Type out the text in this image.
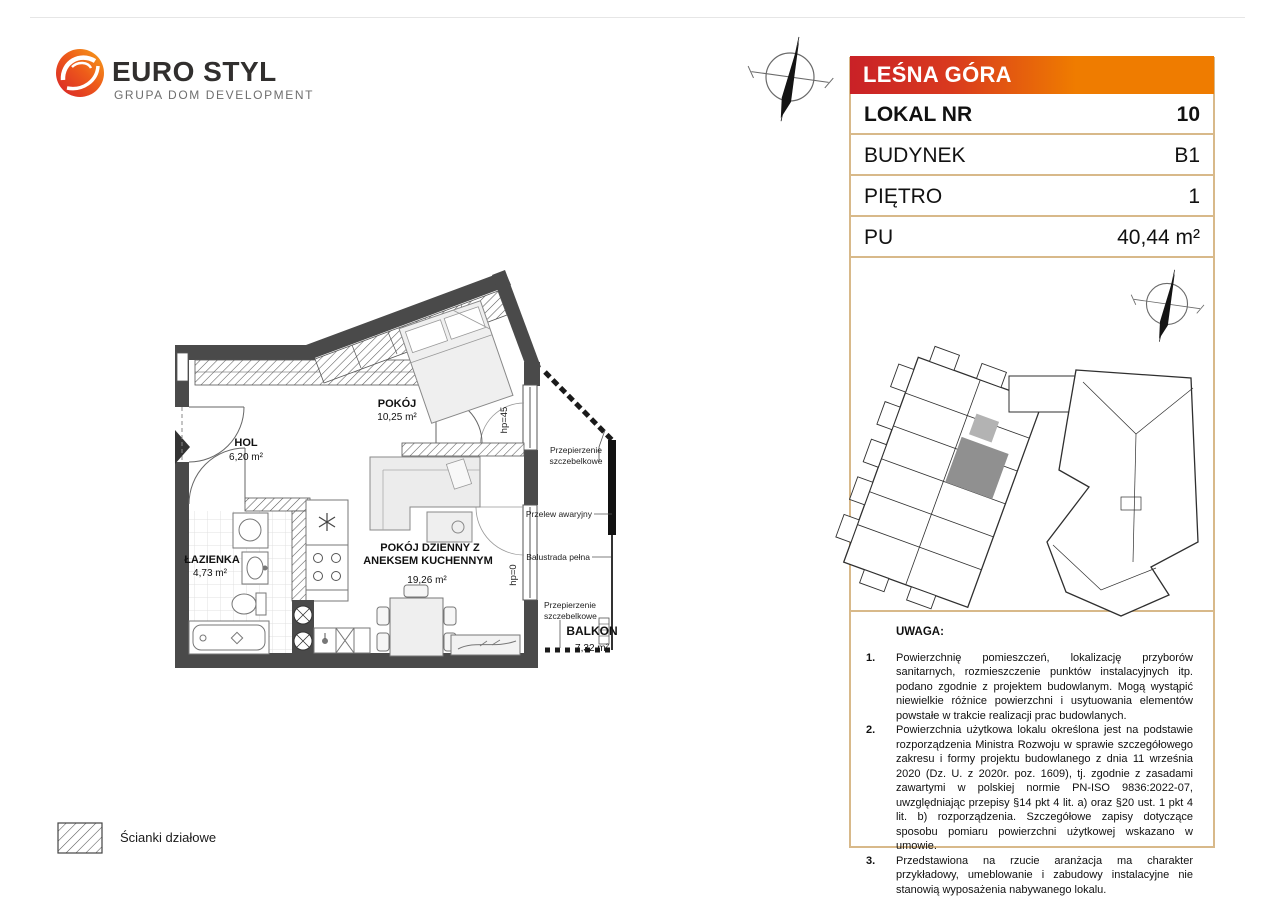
EURO STYL
GRUPA DOM DEVELOPMENT
LEŚNA GÓRA
LOKAL NR	10
BUDYNEK	B1
PIĘTRO	1
PU	40,44 m²
UWAGA:
1.	Powierzchnię pomieszczeń, lokalizację przyborów sanitarnych, rozmieszczenie punktów instalacyjnych itp. podano zgodnie z projektem budowlanym. Mogą wystąpić niewielkie różnice powierzchni i usytuowania elementów powstałe w trakcie realizacji prac budowlanych.
2.	Powierzchnia użytkowa lokalu określona jest na podstawie rozporządzenia Ministra Rozwoju w sprawie szczegółowego zakresu i formy projektu budowlanego z dnia 11 września 2020 (Dz. U. z 2020r. poz. 1609), tj. zgodnie z zasadami zawartymi w polskiej normie PN-ISO 9836:2022-07, uwzględniając przepisy §14 pkt 4 lit. a) oraz §20 ust. 1 pkt 4 lit. b) rozporządzenia. Szczegółowe zapisy dotyczące sposobu pomiaru powierzchni użytkowej wskazano w umowie.
3.	Przedstawiona na rzucie aranżacja ma charakter przykładowy, umeblowanie i zabudowy instalacyjne nie stanowią wyposażenia nabywanego lokalu.
HOL
6,20 m²
POKÓJ
10,25 m²
ŁAZIENKA
4,73 m²
POKÓJ DZIENNY Z
ANEKSEM KUCHENNYM
19,26 m²
BALKON
7,32 m²
Przepierzenie
szczebelkowe
Przelew awaryjny
Balustrada pełna
Przepierzenie
szczebelkowe
hp=45
hp=0
Ścianki działowe
